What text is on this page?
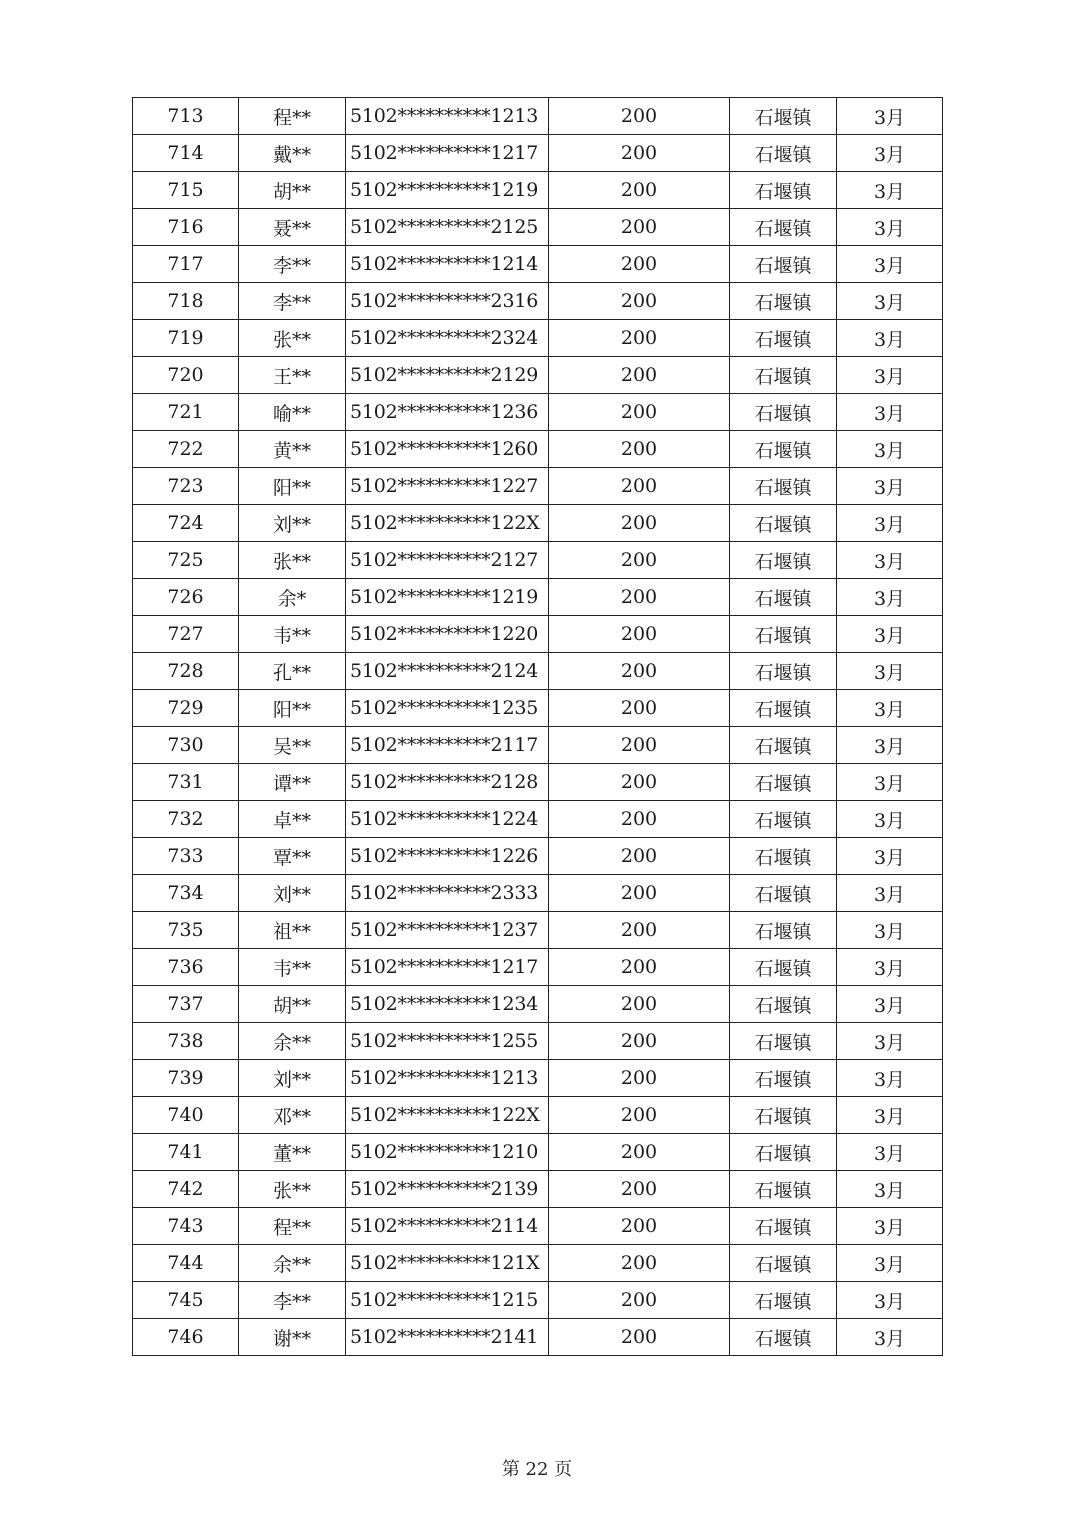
713	程**	5102**********1213	200	石堰镇	3月
714	戴**	5102**********1217	200	石堰镇	3月
715	胡**	5102**********1219	200	石堰镇	3月
716	聂**	5102**********2125	200	石堰镇	3月
717	李**	5102**********1214	200	石堰镇	3月
718	李**	5102**********2316	200	石堰镇	3月
719	张**	5102**********2324	200	石堰镇	3月
720	王**	5102**********2129	200	石堰镇	3月
721	喻**	5102**********1236	200	石堰镇	3月
722	黄**	5102**********1260	200	石堰镇	3月
723	阳**	5102**********1227	200	石堰镇	3月
724	刘**	5102**********122X	200	石堰镇	3月
725	张**	5102**********2127	200	石堰镇	3月
726	余*	5102**********1219	200	石堰镇	3月
727	韦**	5102**********1220	200	石堰镇	3月
728	孔**	5102**********2124	200	石堰镇	3月
729	阳**	5102**********1235	200	石堰镇	3月
730	吴**	5102**********2117	200	石堰镇	3月
731	谭**	5102**********2128	200	石堰镇	3月
732	卓**	5102**********1224	200	石堰镇	3月
733	覃**	5102**********1226	200	石堰镇	3月
734	刘**	5102**********2333	200	石堰镇	3月
735	祖**	5102**********1237	200	石堰镇	3月
736	韦**	5102**********1217	200	石堰镇	3月
737	胡**	5102**********1234	200	石堰镇	3月
738	余**	5102**********1255	200	石堰镇	3月
739	刘**	5102**********1213	200	石堰镇	3月
740	邓**	5102**********122X	200	石堰镇	3月
741	董**	5102**********1210	200	石堰镇	3月
742	张**	5102**********2139	200	石堰镇	3月
743	程**	5102**********2114	200	石堰镇	3月
744	余**	5102**********121X	200	石堰镇	3月
745	李**	5102**********1215	200	石堰镇	3月
746	谢**	5102**********2141	200	石堰镇	3月
第 22 页
